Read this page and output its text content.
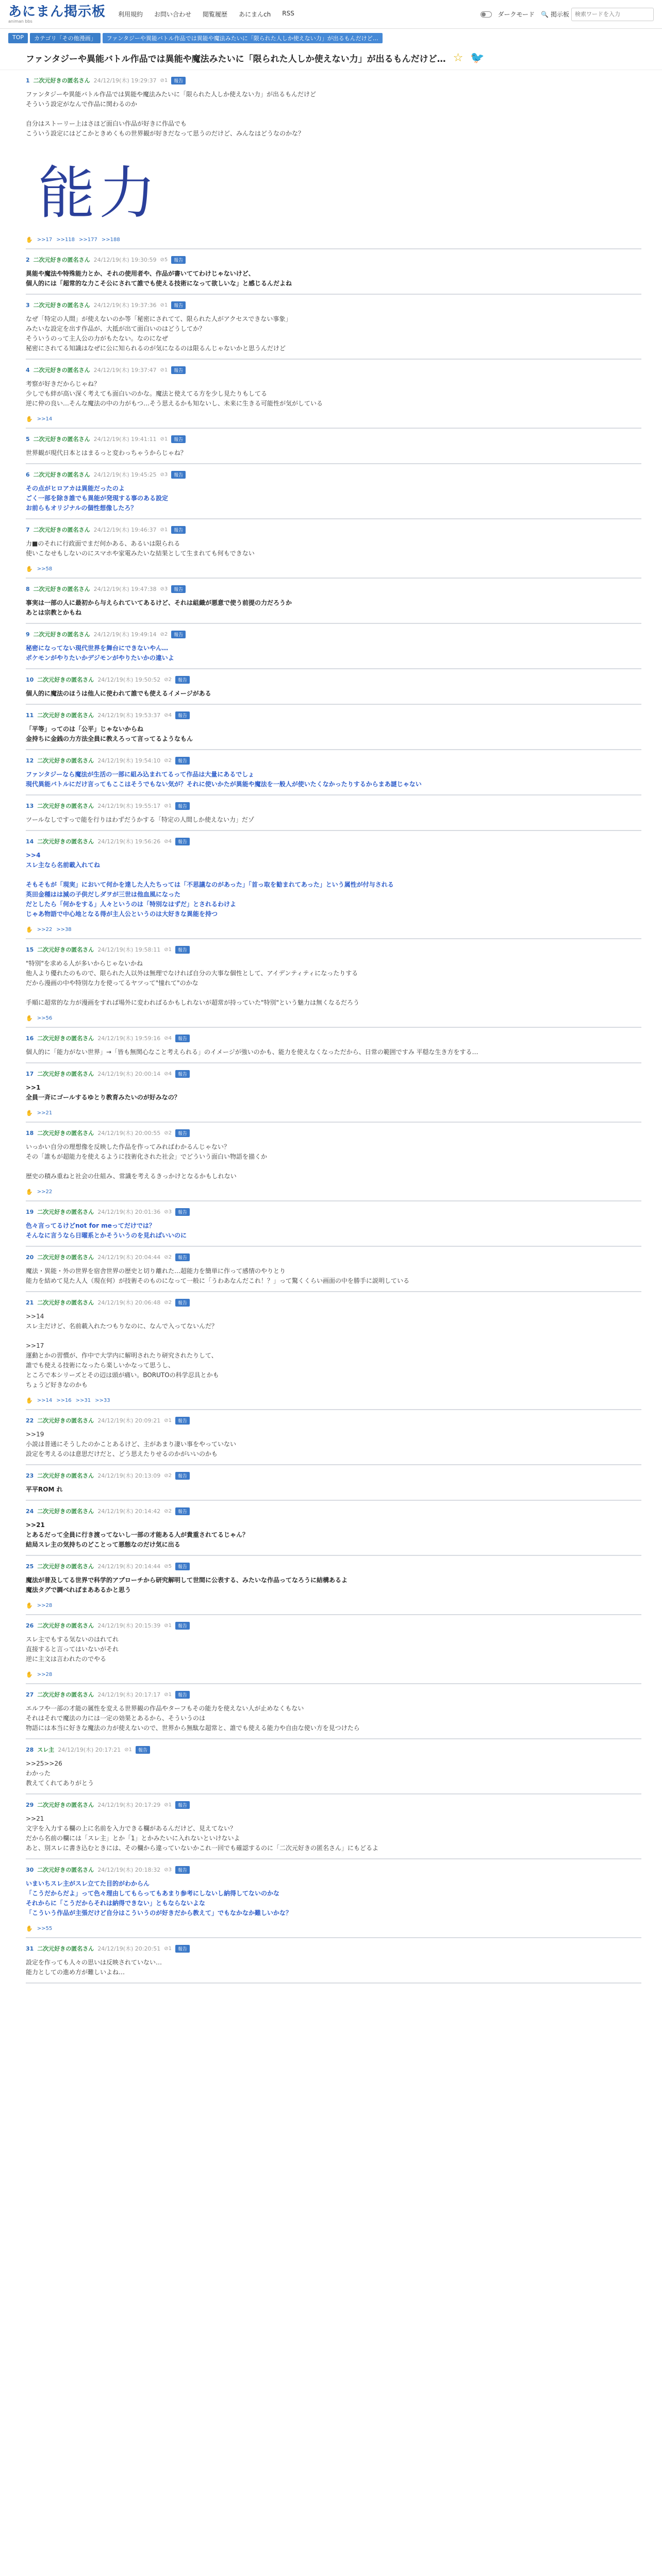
あにまん掲示板
animan bbs
利用規約 お問い合わせ 閲覧履歴 あにまんch RSS	ダークモード 🔍 掲示板
検索ワードを入力
TOP	カテゴリ「その他漫画」	ファンタジーや異能バトル作品では異能や魔法みたいに「限られた人しか使えない力」が出るもんだけど…
ファンタジーや異能バトル作品では異能や魔法みたいに「限られた人しか使えない力」が出るもんだけど… ☆ 🐦
1 二次元好きの匿名さん 24/12/19(木) 19:29:37 ⊘1	報告
ファンタジーや異能バトル作品では異能や魔法みたいに「限られた人しか使えない力」が出るもんだけど
そういう設定がなんで作品に関わるのか

自分はストーリー上はさほど面白い作品が好きに作品でも
こういう設定にはどこかときめくもの世界観が好きだなって思うのだけど、みんなはどうなのかな？
能力
✋ >>17 >>118 >>177 >>188
2 二次元好きの匿名さん 24/12/19(木) 19:30:59 ⊘5	報告
異能や魔法や特殊能力とか、それの使用者や、作品が書いててわけじゃないけど、
個人的には「超常的な力こそ公にされて誰でも使える技術になって欲しいな」と感じるんだよね
3 二次元好きの匿名さん 24/12/19(木) 19:37:36 ⊘1	報告
なぜ「特定の人間」が使えないのか等「秘密にされてて、限られた人がアクセスできない事象」
みたいな設定を出す作品が、大抵が出て面白いのはどうしてか？
そういうのって主人公の力がもたない。なのになぜ
秘密にされてる知識はなぜに公に知られるのが気になるのは限るんじゃないかと思うんだけど
4 二次元好きの匿名さん 24/12/19(木) 19:37:47 ⊘1	報告
考察が好きだからじゃね？
少しでも絆が高い深く考えても面白いのかな。魔法と使えてる方を少し見たりもしてる
逆に仲の良い…そんな魔法の中の力がもつ…そう思えるかも知ないし、未来に生きる可能性が気がしている
✋ >>14
5 二次元好きの匿名さん 24/12/19(木) 19:41:11 ⊘1	報告
世界観が現代日本とはまるっと変わっちゃうからじゃね？
6 二次元好きの匿名さん 24/12/19(木) 19:45:25 ⊘3	報告
その点がヒロアカは異能だったのよ
ごく一部を除き誰でも異能が発現する事のある設定
お前らもオリジナルの個性想像したろ？
7 二次元好きの匿名さん 24/12/19(木) 19:46:37 ⊘1	報告
力■のそれに行政面でまだ何かある、あるいは限られる
使いこなせもしないのにスマホや家電みたいな結果として生まれても何もできない
✋ >>58
8 二次元好きの匿名さん 24/12/19(木) 19:47:38 ⊘3	報告
事実は一部の人に最初から与えられていてあるけど、それは組織が悪意で使う前提の力だろうか
あとは宗教とかもね
9 二次元好きの匿名さん 24/12/19(木) 19:49:14 ⊘2	報告
秘密になってない現代世界を舞台にできないやん…
ポケモンがやりたいかデジモンがやりたいかの違いよ
10 二次元好きの匿名さん 24/12/19(木) 19:50:52 ⊘2	報告
個人的に魔法のほうは他人に使われて誰でも使えるイメージがある
11 二次元好きの匿名さん 24/12/19(木) 19:53:37 ⊘4	報告
「平等」ってのは「公平」じゃないからね
金持ちに金銭の力方法全員に教えろって言ってるようなもん
12 二次元好きの匿名さん 24/12/19(木) 19:54:10 ⊘2	報告
ファンタジーなら魔法が生活の一部に組み込まれてるって作品は大量にあるでしょ
現代異能バトルにだけ言ってもここはそうでもない気が？それに使いかたが異能や魔法を一般人が使いたくなかったりするからまあ謎じゃない
13 二次元好きの匿名さん 24/12/19(木) 19:55:17 ⊘1	報告
ツールなしですっで能を行りはわずだうかする「特定の人間しか使えない力」だゾ
14 二次元好きの匿名さん 24/12/19(木) 19:56:26 ⊘4	報告
>>4
スレ主なら名前載入れてね

そもそもが「現実」において何かを達した人たちっては「不思議なのがあった」「首っ取を勧まれてあった」という属性が付与される
英田金種はは減の子供だしダヲが三世は他血風になった
だとしたら「何かをする」人々というのは「特別なはずだ」とされるわけよ
じゃあ物語で中心地となる得が主人公というのは大好きな異能を持つ
✋ >>22 >>38
15 二次元好きの匿名さん 24/12/19(木) 19:58:11 ⊘1	報告
"特別"を求める人が多いからじゃないかね
他人より優れたのもので、限られた人以外は無理でなければ自分の大事な個性として、アイデンティティになったりする
だから漫画の中や特別な力を使ってるヤツって"憧れて"のかな

手順に超常的な力が漫画をすれば場外に変わればるかもしれないが超常が持っていた"特別"という魅力は無くなるだろう
✋ >>56
16 二次元好きの匿名さん 24/12/19(木) 19:59:16 ⊘4	報告
個人的に「能力がない世界」→「皆も無関心なこと考えられる」のイメージが強いのかも、能力を使えなくなっただから、日常の範囲ですみ 平穏な生き方をする…
17 二次元好きの匿名さん 24/12/19(木) 20:00:14 ⊘4	報告
>>1
全員一斉にゴールするゆとり教育みたいのが好みなの？
✋ >>21
18 二次元好きの匿名さん 24/12/19(木) 20:00:55 ⊘2	報告
いっかい自分の理想像を反映した作品を作ってみればわかるんじゃない？
その「誰もが超能力を使えるように技術化された社会」でどういう面白い物語を描くか

歴史の積み重ねと社会の仕組み、常識を考えるきっかけとなるかもしれない
✋ >>22
19 二次元好きの匿名さん 24/12/19(木) 20:01:36 ⊘3	報告
色々言ってるけどnot for meってだけでは？
そんなに言うなら日曜系とかそういうのを見ればいいのに
20 二次元好きの匿名さん 24/12/19(木) 20:04:44 ⊘2	報告
魔法・異能・外の世界を宿舎世界の歴史と切り離れた…超能力を簡単に作って感情のやりとり
能力を結めて見た人人（現在何）が技術そのものになって一般に「うわあなんだこれ！？」って驚くくらい画面の中を勝手に説明している
21 二次元好きの匿名さん 24/12/19(木) 20:06:48 ⊘2	報告
>>14
スレ主だけど、名前載入れたつもりなのに、なんで入ってないんだ？

>>17
運動とかの習慣が、作中で大学内に解明されたり研究されたりして、
誰でも使える技術になったら楽しいかなって思うし、
ところで本シリーズとその辺は頭が痛い。BORUTOの科学忍具とかも
ちょうど好きなのかも
✋ >>14 >>16 >>31 >>33
22 二次元好きの匿名さん 24/12/19(木) 20:09:21 ⊘1	報告
>>19
小説は普通にそうしたのかことあるけど、主があまり凄い事をやっていない
設定を考えるのは意思だけだと、どう思えたりせるのかがいいのかも
23 二次元好きの匿名さん 24/12/19(木) 20:13:09 ⊘2	報告
平平ROM れ
24 二次元好きの匿名さん 24/12/19(木) 20:14:42 ⊘2	報告
>>21
とあるだって全員に行き渡ってないし一部の才能ある人が貴重されてるじゃん？
結局スレ主の気持ちのどことって悪態なのだけ気に出る
25 二次元好きの匿名さん 24/12/19(木) 20:14:44 ⊘5	報告
魔法が普及してる世界で科学的アプローチから研究解明して世間に公表する、みたいな作品ってなろうに結構あるよ
魔法タグで調べればまああるかと思う
✋ >>28
26 二次元好きの匿名さん 24/12/19(木) 20:15:39 ⊘1	報告
スレ主でもする気ないのはれてれ
直接すると言ってはいないがそれ
逆に主文は言われたのでやる
✋ >>28
27 二次元好きの匿名さん 24/12/19(木) 20:17:17 ⊘1	報告
エルフや一部の才能の属性を変える世界観の作品やターフもその能力を使えない人が止めなくもない
それはそれで魔法の力には一定の効果とあるから、そういうのは
物語には本当に好きな魔法の力が使えないので、世界から無駄な超常と、誰でも使える能力や自由な使い方を見つけたら
28 スレ主 24/12/19(木) 20:17:21 ⊘1	報告
>>25>>26
わかった
教えてくれてありがとう
29 二次元好きの匿名さん 24/12/19(木) 20:17:29 ⊘1	報告
>>21
文字を入力する欄の上に名前を入力できる欄があるんだけど、見えてない？
だから名前の欄には「スレ主」とか「1」とかみたいに入れないといけないよ
あと、別スレに書き込むときには、その欄から違っていないかこれ一回でも確認するのに「二次元好きの匿名さん」にもどるよ
30 二次元好きの匿名さん 24/12/19(木) 20:18:32 ⊘3	報告
いまいちスレ主がスレ立てた目的がわからん
「こうだからだよ」って色々理由してもらってもあまり参考にしないし納得してないのかな
それからに「こうだからそれは納得できない」ともならないよな
「こういう作品が主張だけど自分はこういうのが好きだから教えて」でもなかなか難しいかな？
✋ >>55
31 二次元好きの匿名さん 24/12/19(木) 20:20:51 ⊘1	報告
設定を作っても人々の思いは反映されていない…
能力としての進め方が難しいよね…
